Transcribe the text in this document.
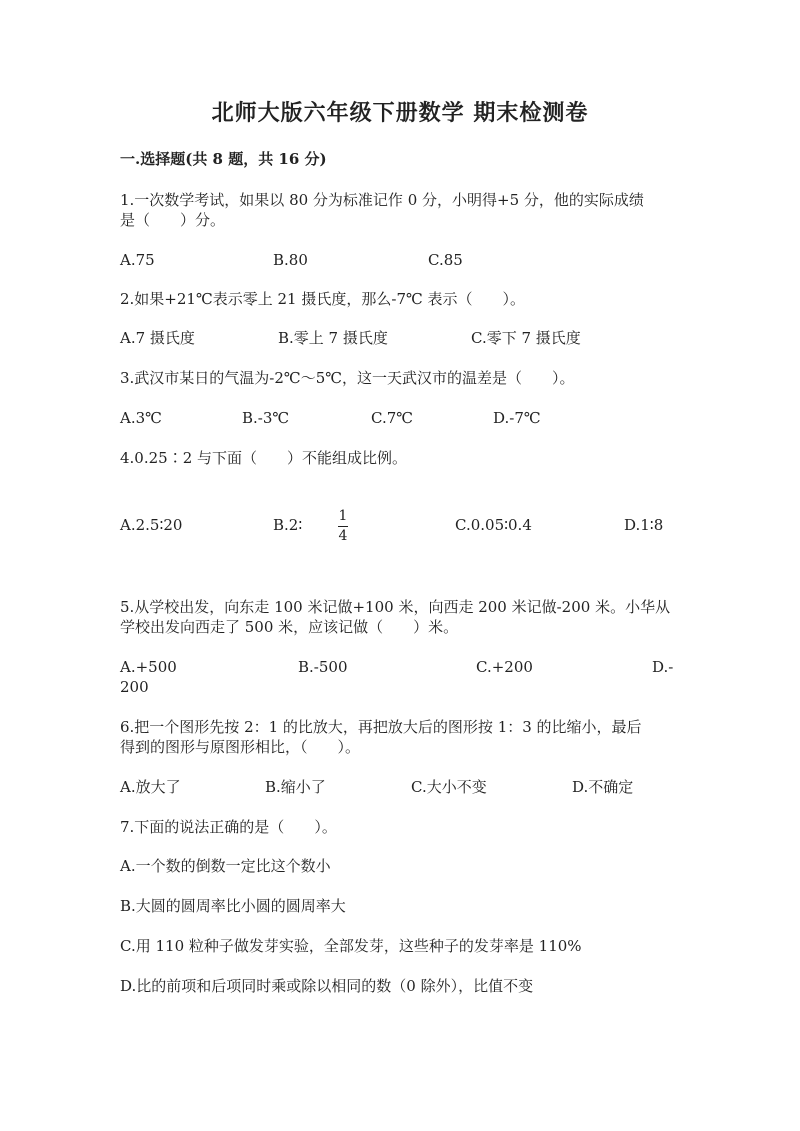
北师大版六年级下册数学 期末检测卷
一.选择题(共 8 题，共 16 分)
1.一次数学考试，如果以 80 分为标准记作 0 分，小明得+5 分，他的实际成绩
是（　　）分。
A.75	B.80	C.85
2.如果+21℃表示零上 21 摄氏度，那么-7℃ 表示（　　）。
A.7 摄氏度	B.零上 7 摄氏度	C.零下 7 摄氏度
3.武汉市某日的气温为-2℃～5℃，这一天武汉市的温差是（　　）。
A.3℃	B.-3℃	C.7℃	D.-7℃
4.0.25∶2 与下面（　　）不能组成比例。
A.2.5∶20	B.2∶	1
4
C.0.05∶0.4	D.1∶8
5.从学校出发，向东走 100 米记做+100 米，向西走 200 米记做-200 米。小华从
学校出发向西走了 500 米，应该记做（　　）米。
A.+500	B.-500	C.+200	D.-
200
6.把一个图形先按 2：1 的比放大，再把放大后的图形按 1：3 的比缩小，最后
得到的图形与原图形相比，（　　）。
A.放大了	B.缩小了	C.大小不变	D.不确定
7.下面的说法正确的是（　　）。
A.一个数的倒数一定比这个数小
B.大圆的圆周率比小圆的圆周率大
C.用 110 粒种子做发芽实验，全部发芽，这些种子的发芽率是 110%
D.比的前项和后项同时乘或除以相同的数（0 除外），比值不变
